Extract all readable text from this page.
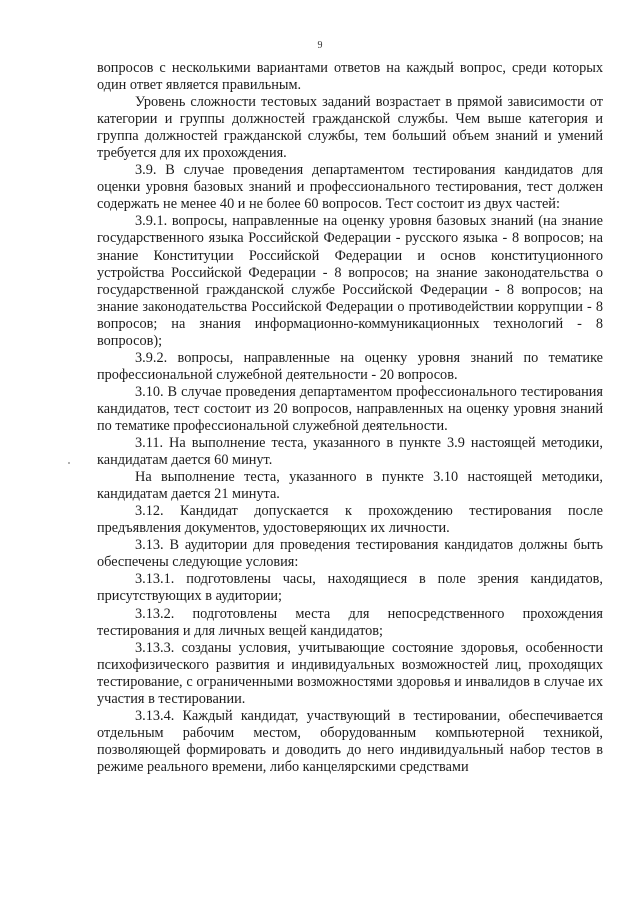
9

вопросов с несколькими вариантами ответов на каждый вопрос, среди которых один ответ является правильным.

Уровень сложности тестовых заданий возрастает в прямой зависимости от категории и группы должностей гражданской службы. Чем выше категория и группа должностей гражданской службы, тем больший объем знаний и умений требуется для их прохождения.

3.9. В случае проведения департаментом тестирования кандидатов для оценки уровня базовых знаний и профессионального тестирования, тест должен содержать не менее 40 и не более 60 вопросов. Тест состоит из двух частей:

3.9.1. вопросы, направленные на оценку уровня базовых знаний (на знание государственного языка Российской Федерации - русского языка - 8 вопросов; на знание Конституции Российской Федерации и основ конституционного устройства Российской Федерации - 8 вопросов; на знание законодательства о государственной гражданской службе Российской Федерации - 8 вопросов; на знание законодательства Российской Федерации о противодействии коррупции - 8 вопросов; на знания информационно-коммуникационных технологий - 8 вопросов);

3.9.2. вопросы, направленные на оценку уровня знаний по тематике профессиональной служебной деятельности - 20 вопросов.

3.10. В случае проведения департаментом профессионального тестирования кандидатов, тест состоит из 20 вопросов, направленных на оценку уровня знаний по тематике профессиональной служебной деятельности.

3.11. На выполнение теста, указанного в пункте 3.9 настоящей методики, кандидатам дается 60 минут.

На выполнение теста, указанного в пункте 3.10 настоящей методики, кандидатам дается 21 минута.

3.12. Кандидат допускается к прохождению тестирования после предъявления документов, удостоверяющих их личности.

3.13. В аудитории для проведения тестирования кандидатов должны быть обеспечены следующие условия:

3.13.1. подготовлены часы, находящиеся в поле зрения кандидатов, присутствующих в аудитории;

3.13.2. подготовлены места для непосредственного прохождения тестирования и для личных вещей кандидатов;

3.13.3. созданы условия, учитывающие состояние здоровья, особенности психофизического развития и индивидуальных возможностей лиц, проходящих тестирование, с ограниченными возможностями здоровья и инвалидов в случае их участия в тестировании.

3.13.4. Каждый кандидат, участвующий в тестировании, обеспечивается отдельным рабочим местом, оборудованным компьютерной техникой, позволяющей формировать и доводить до него индивидуальный набор тестов в режиме реального времени, либо канцелярскими средствами
